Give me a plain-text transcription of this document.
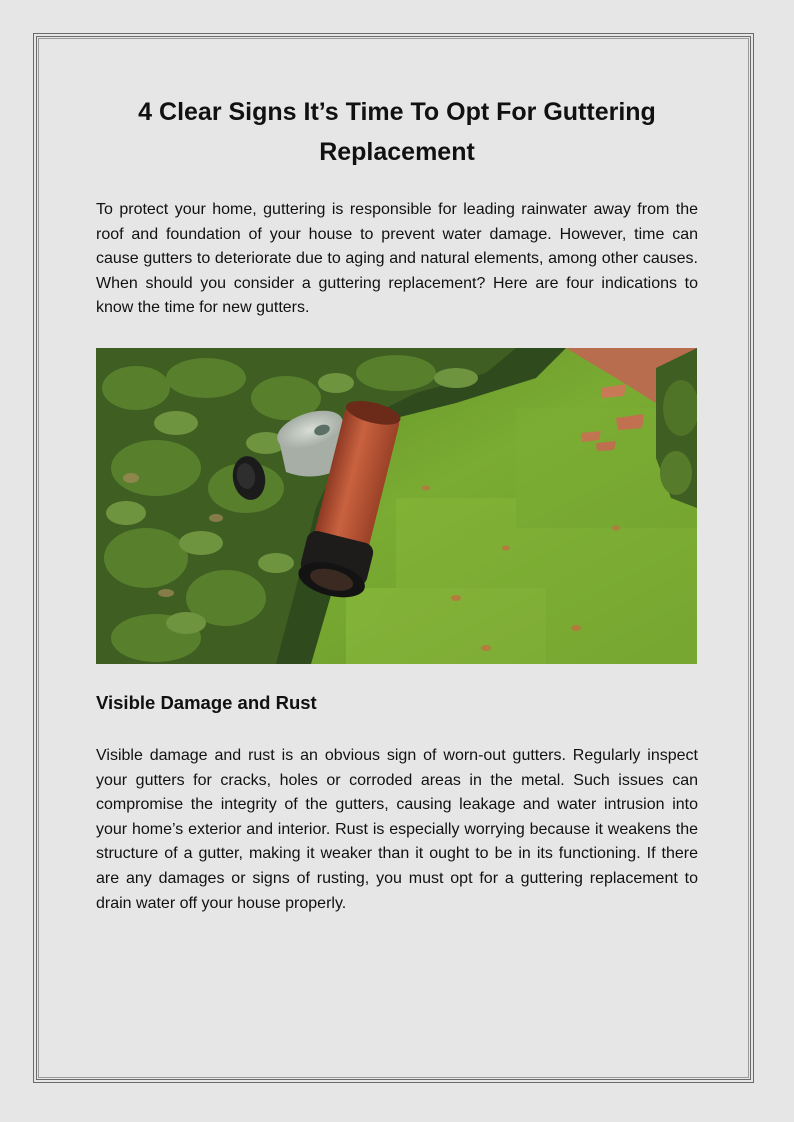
4 Clear Signs It’s Time To Opt For Guttering Replacement

To protect your home, guttering is responsible for leading rainwater away from the roof and foundation of your house to prevent water damage. However, time can cause gutters to deteriorate due to aging and natural elements, among other causes. When should you consider a guttering replacement? Here are four indications to know the time for new gutters.

Visible Damage and Rust

Visible damage and rust is an obvious sign of worn-out gutters. Regularly inspect your gutters for cracks, holes or corroded areas in the metal. Such issues can compromise the integrity of the gutters, causing leakage and water intrusion into your home’s exterior and interior. Rust is especially worrying because it weakens the structure of a gutter, making it weaker than it ought to be in its functioning. If there are any damages or signs of rusting, you must opt for a guttering replacement to drain water off your house properly.
